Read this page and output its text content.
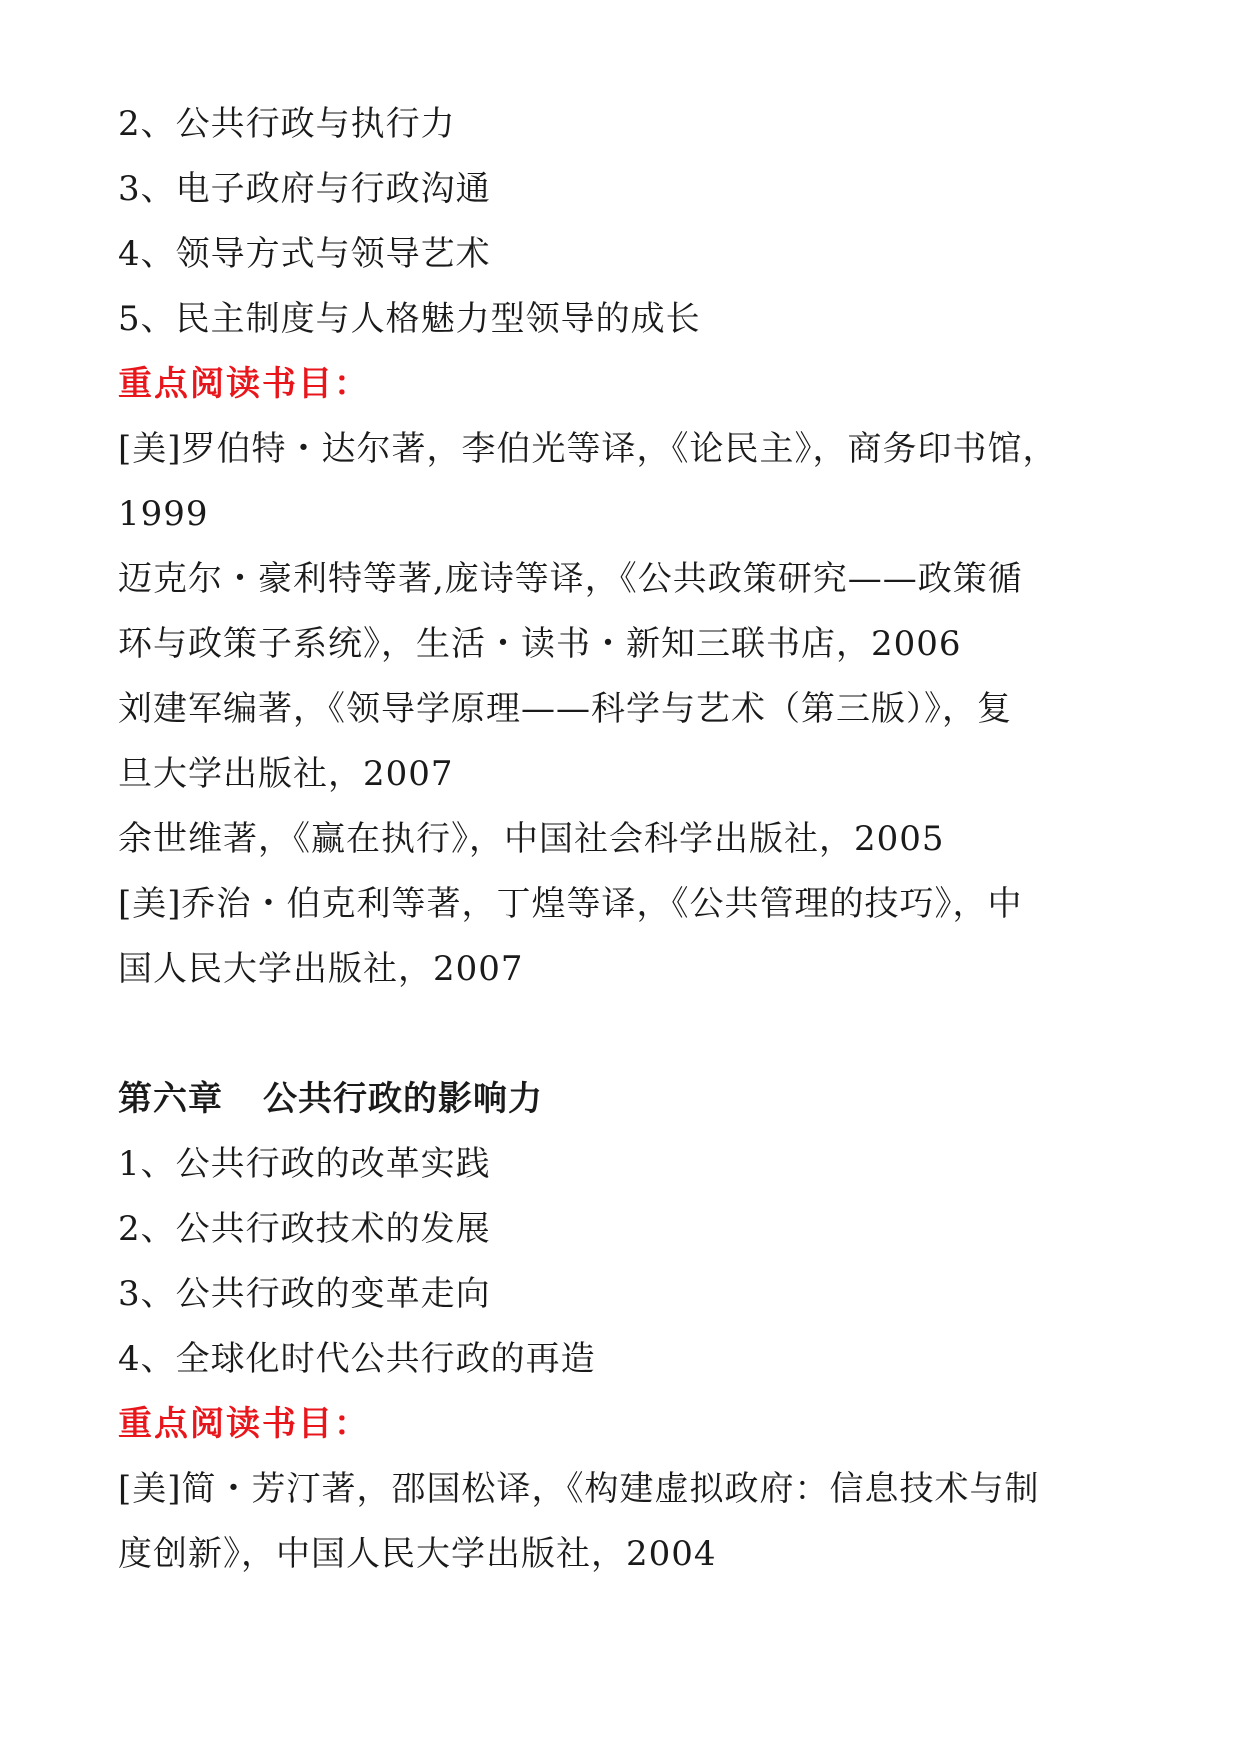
2、公共行政与执行力
3、电子政府与行政沟通
4、领导方式与领导艺术
5、民主制度与人格魅力型领导的成长
重点阅读书目：
[美]罗伯特・达尔著，李伯光等译，《论民主》，商务印书馆，
1999
迈克尔・豪利特等著,庞诗等译，《公共政策研究——政策循
环与政策子系统》，生活・读书・新知三联书店，2006
刘建军编著，《领导学原理——科学与艺术（第三版）》，复
旦大学出版社，2007
余世维著，《赢在执行》，中国社会科学出版社，2005
[美]乔治・伯克利等著，丁煌等译，《公共管理的技巧》，中
国人民大学出版社，2007
第六章 公共行政的影响力
1、公共行政的改革实践
2、公共行政技术的发展
3、公共行政的变革走向
4、全球化时代公共行政的再造
重点阅读书目：
[美]简・芳汀著，邵国松译，《构建虚拟政府：信息技术与制
度创新》，中国人民大学出版社，2004
